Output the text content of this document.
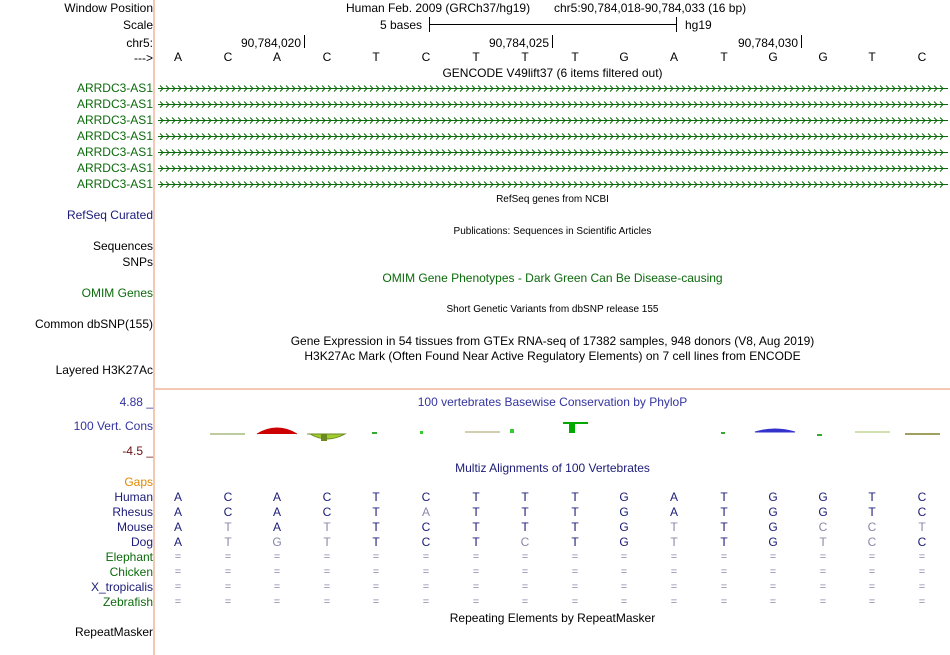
Window Position
Scale
chr5:
--->
Human Feb. 2009 (GRCh37/hg19) chr5:90,784,018-90,784,033 (16 bp)
5 bases	hg19
90,784,020	90,784,025	90,784,030
A	C	A	C	T	C	T	T	T	G	A	T	G	G	T	C
GENCODE V49lift37 (6 items filtered out)
ARRDC3-AS1
ARRDC3-AS1
ARRDC3-AS1
ARRDC3-AS1
ARRDC3-AS1
ARRDC3-AS1
ARRDC3-AS1
RefSeq genes from NCBI
RefSeq Curated
Publications: Sequences in Scientific Articles
Sequences
SNPs
OMIM Gene Phenotypes - Dark Green Can Be Disease-causing
OMIM Genes
Short Genetic Variants from dbSNP release 155
Common dbSNP(155)
Gene Expression in 54 tissues from GTEx RNA-seq of 17382 samples, 948 donors (V8, Aug 2019)
H3K27Ac Mark (Often Found Near Active Regulatory Elements) on 7 cell lines from ENCODE
Layered H3K27Ac
100 vertebrates Basewise Conservation by PhyloP
4.88 _
100 Vert. Cons
-4.5 _
Multiz Alignments of 100 Vertebrates
Gaps
Human	A	C	A	C	T	C	T	T	T	G	A	T	G	G	T	C
Rhesus	A	C	A	C	T	A	T	T	T	G	A	T	G	G	T	C
Mouse	A	T	A	T	T	C	T	T	T	G	T	T	G	C	C	T
Dog	A	T	G	T	T	C	T	C	T	G	T	T	G	T	C	C
Elephant	=	=	=	=	=	=	=	=	=	=	=	=	=	=	=	=
Chicken	=	=	=	=	=	=	=	=	=	=	=	=	=	=	=	=
X_tropicalis	=	=	=	=	=	=	=	=	=	=	=	=	=	=	=	=
Zebrafish	=	=	=	=	=	=	=	=	=	=	=	=	=	=	=	=
Repeating Elements by RepeatMasker
RepeatMasker
